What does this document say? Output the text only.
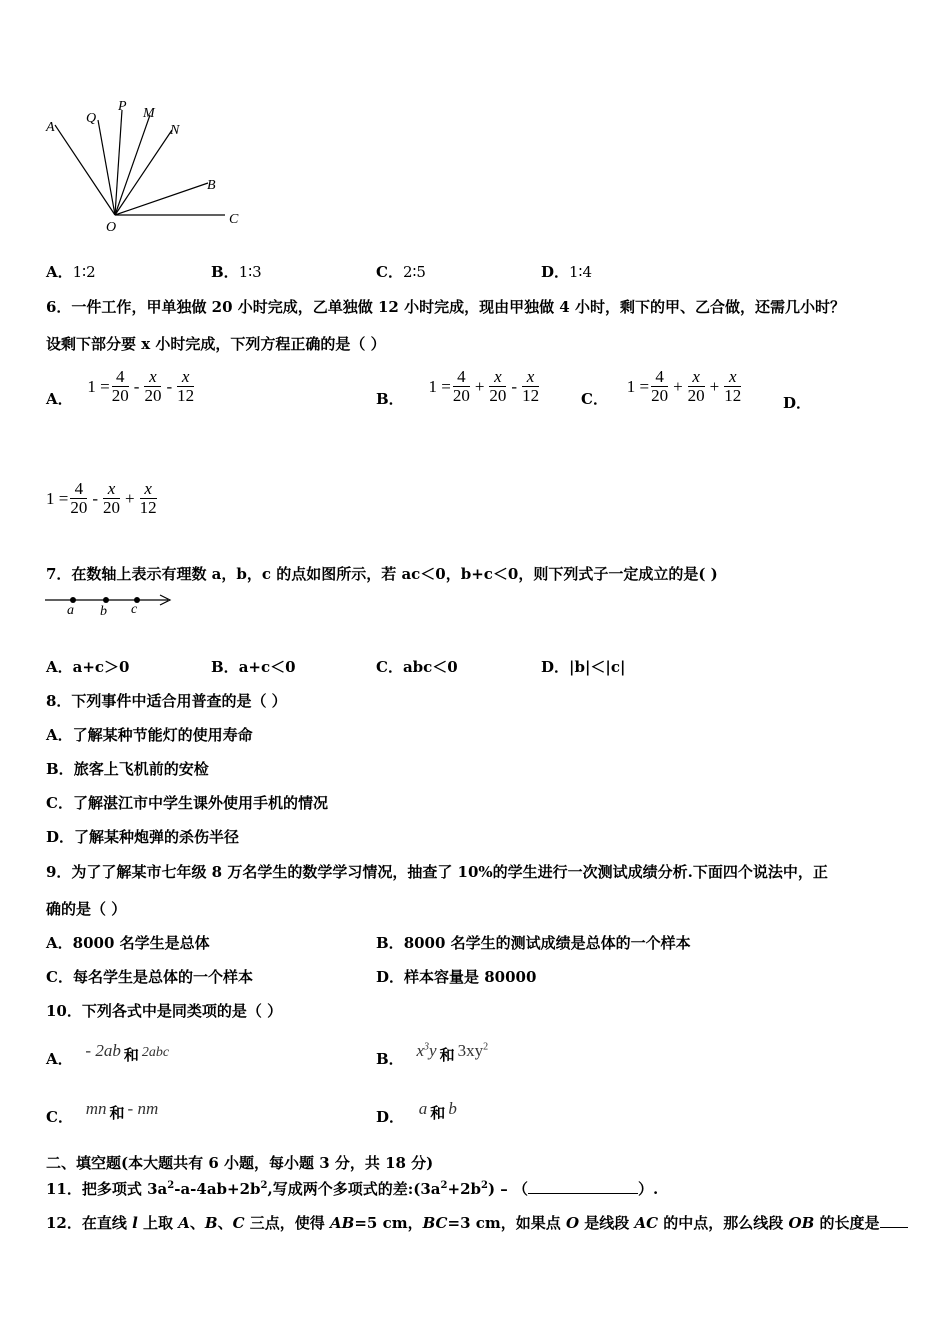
A
Q
P M
N
B
O
C
A．1∶2	B．1∶3	C．2∶5	D．1∶4
6．一件工作，甲单独做 20 小时完成，乙单独做 12 小时完成，现由甲独做 4 小时，剩下的甲、乙合做，还需几小时？
设剩下部分要 x 小时完成，下列方程正确的是（ ）
A．
$1 = \frac{4}{20} - \frac{x}{20} - \frac{x}{12}$	B．
$1 = \frac{4}{20} + \frac{x}{20} - \frac{x}{12}$	C．
$1 = \frac{4}{20} + \frac{x}{20} + \frac{x}{12}$	D．
$1 = \frac{4}{20} - \frac{x}{20} + \frac{x}{12}$
7．在数轴上表示有理数 a，b，c 的点如图所示，若 ac＜0，b+c＜0，则下列式子一定成立的是( )
a b c
A．a+c＞0	B．a+c＜0	C．abc＜0	D．|b|＜|c|
8．下列事件中适合用普查的是（ ）
A．了解某种节能灯的使用寿命
B．旅客上飞机前的安检
C．了解湛江市中学生课外使用手机的情况
D．了解某种炮弹的杀伤半径
9．为了了解某市七年级 8 万名学生的数学学习情况，抽查了 10%的学生进行一次测试成绩分析.下面四个说法中，正
确的是（ ）
A．8000 名学生是总体	B．8000 名学生的测试成绩是总体的一个样本
C．每名学生是总体的一个样本	D．样本容量是 80000
10．下列各式中是同类项的是（ ）
A． - 2ab 和 2abc	B． $x^3y$ 和 $3xy^2$
C． mn 和 - nm	D． a 和 b
二、填空题(本大题共有 6 小题，每小题 3 分，共 18 分)
11．把多项式 $3a^2-a-4ab+2b^2$,写成两个多项式的差$:(3a^2+2b^2)$ – （	）.
12．在直线 l 上取 A、B、C 三点，使得 AB=5 cm，BC=3 cm，如果点 O 是线段 AC 的中点，那么线段 OB 的长度是
